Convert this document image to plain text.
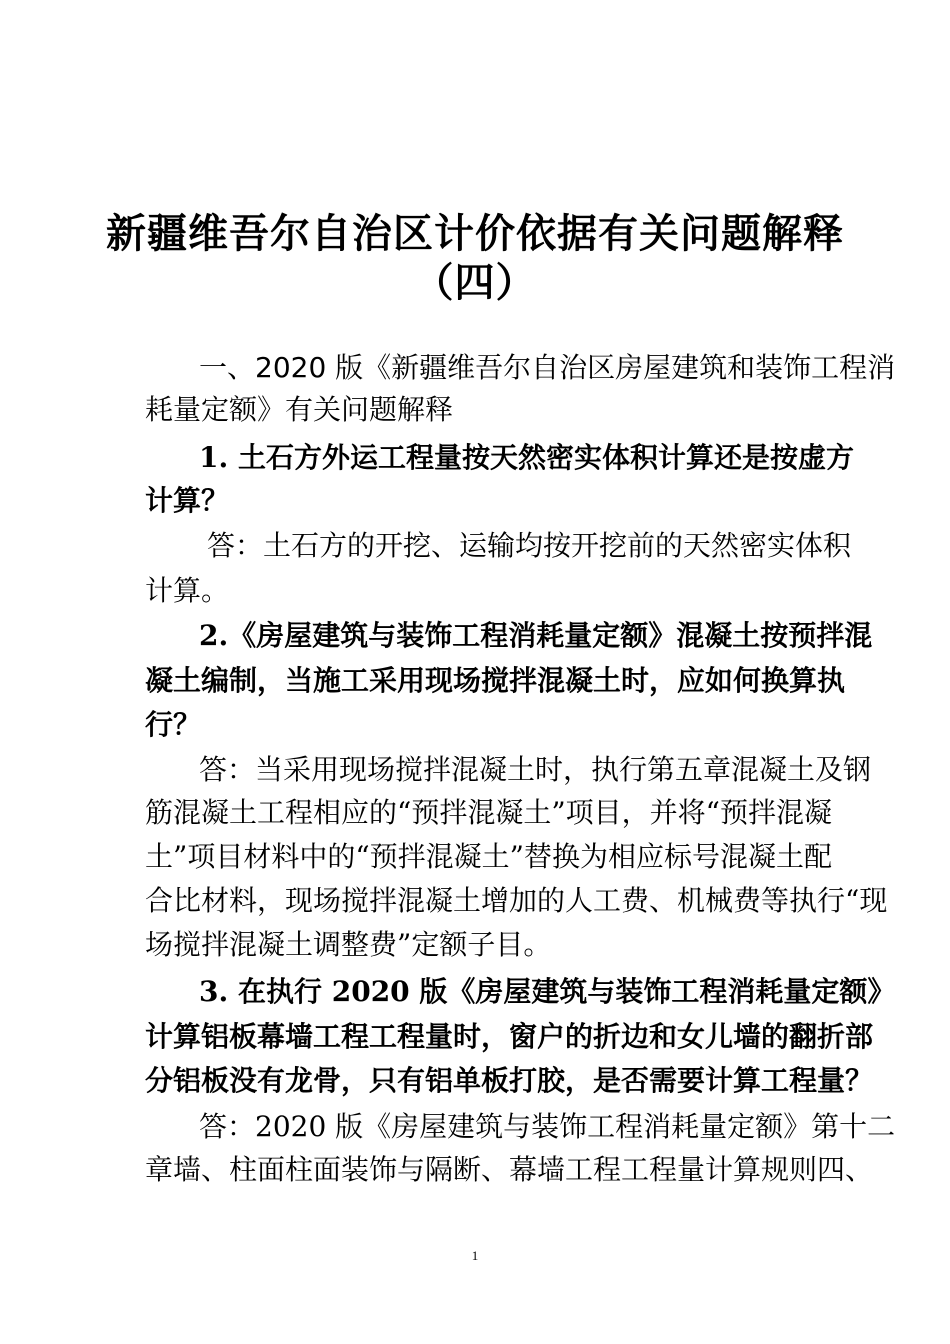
新疆维吾尔自治区计价依据有关问题解释
（四）
一、2020 版《新疆维吾尔自治区房屋建筑和装饰工程消
耗量定额》有关问题解释
1. 土石方外运工程量按天然密实体积计算还是按虚方
计算？
答：土石方的开挖、运输均按开挖前的天然密实体积
计算。
2.《房屋建筑与装饰工程消耗量定额》混凝土按预拌混
凝土编制，当施工采用现场搅拌混凝土时，应如何换算执
行？
答：当采用现场搅拌混凝土时，执行第五章混凝土及钢
筋混凝土工程相应的“预拌混凝土”项目，并将“预拌混凝
土”项目材料中的“预拌混凝土”替换为相应标号混凝土配
合比材料，现场搅拌混凝土增加的人工费、机械费等执行“现
场搅拌混凝土调整费”定额子目。
3. 在执行 2020 版《房屋建筑与装饰工程消耗量定额》
计算铝板幕墙工程工程量时，窗户的折边和女儿墙的翻折部
分铝板没有龙骨，只有铝单板打胶，是否需要计算工程量？
答：2020 版《房屋建筑与装饰工程消耗量定额》第十二
章墙、柱面柱面装饰与隔断、幕墙工程工程量计算规则四、
1
